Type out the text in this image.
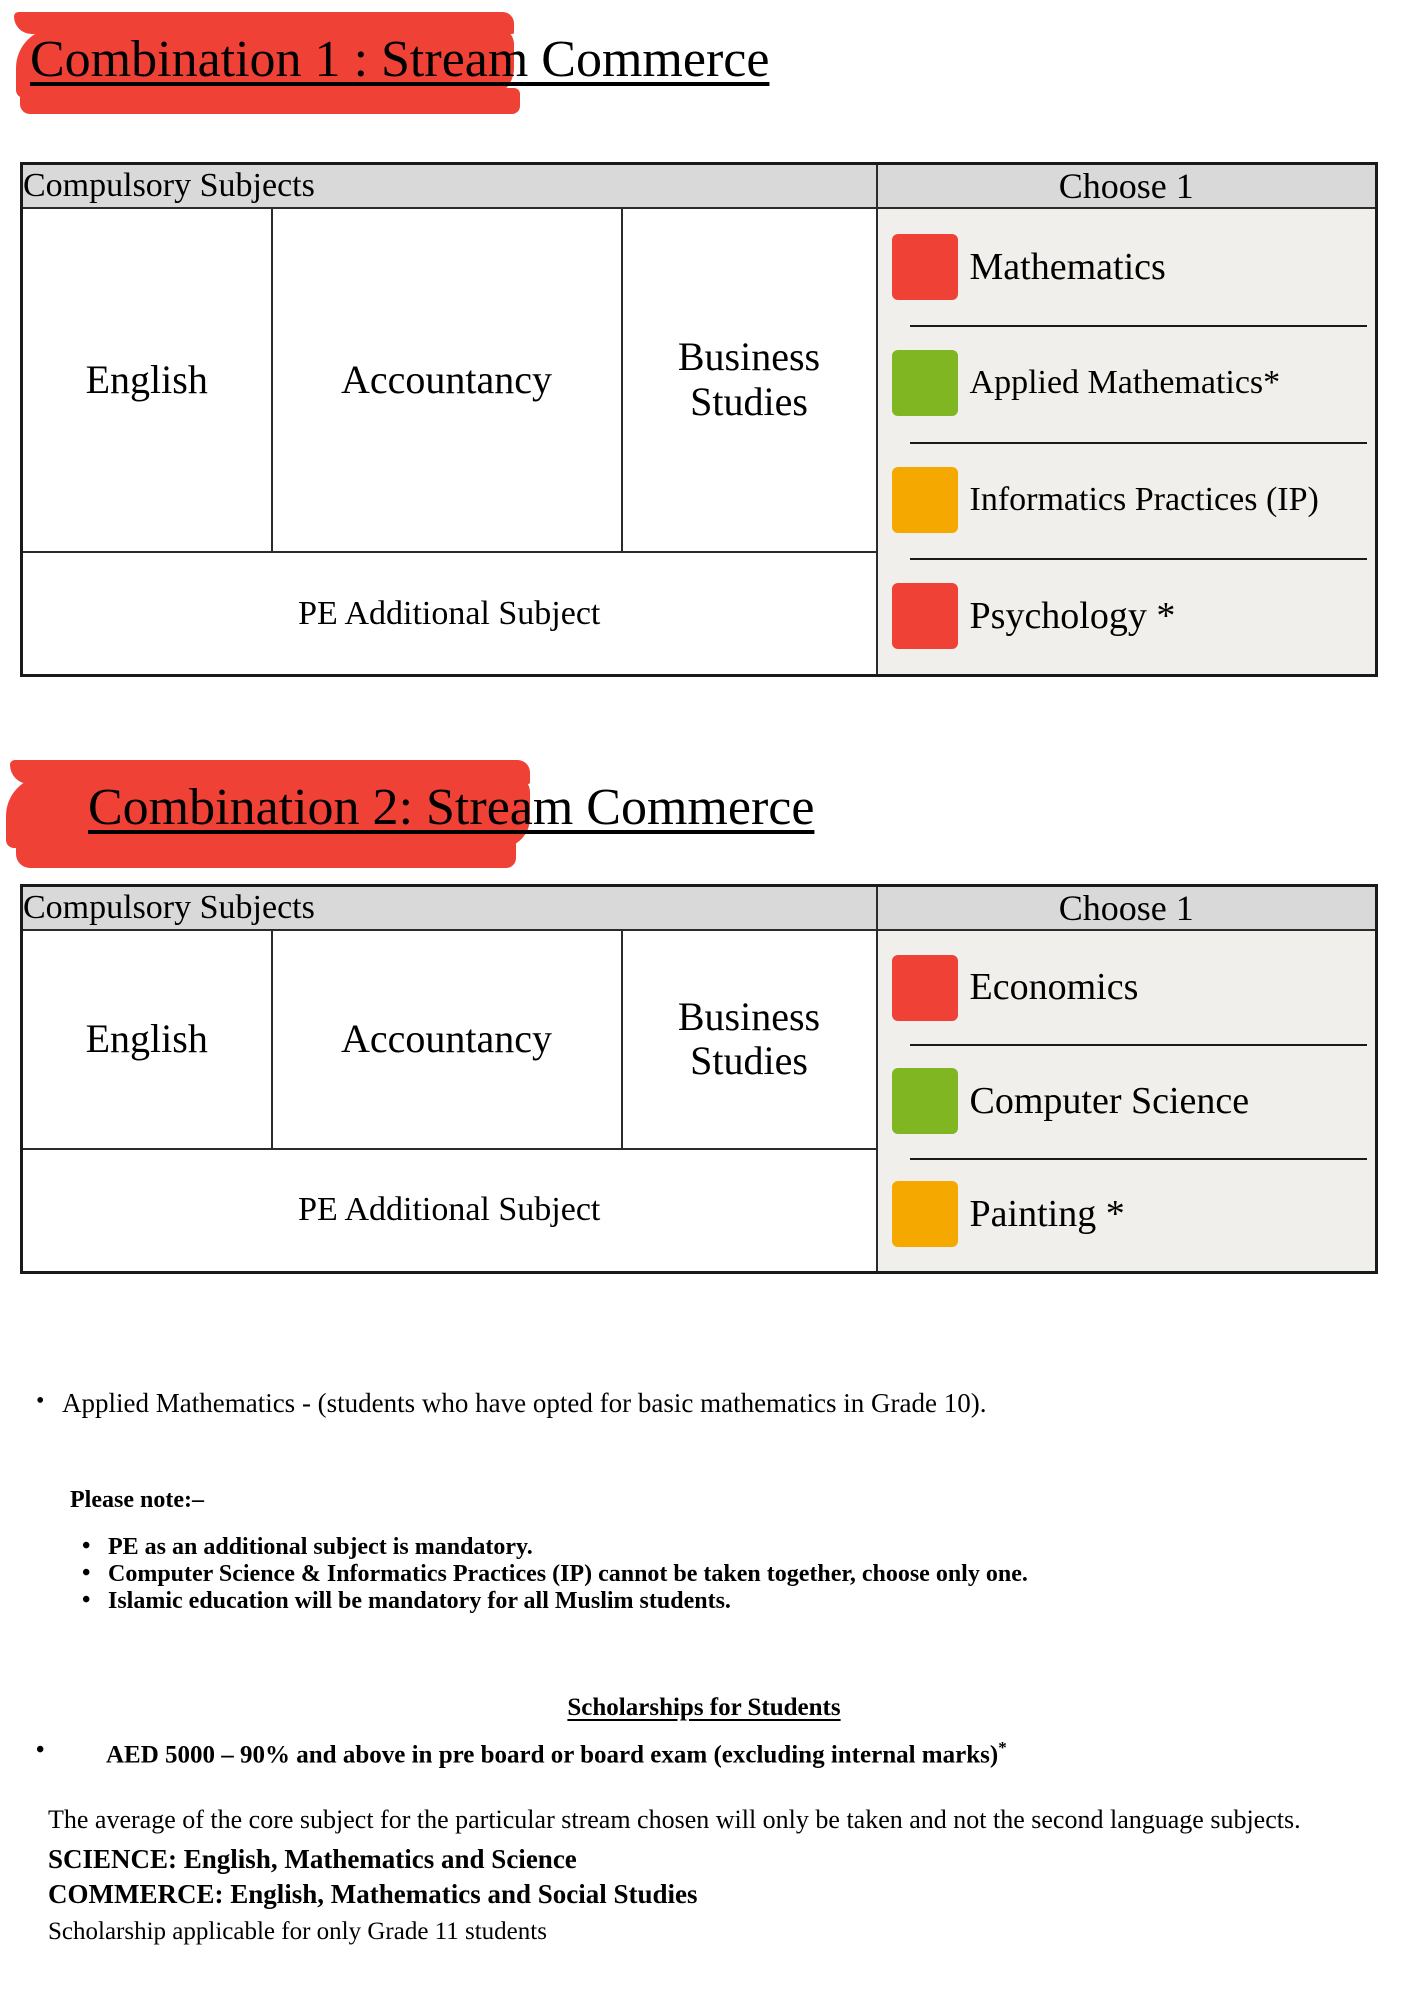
Combination 1 : Stream Commerce
Compulsory Subjects			Choose 1
English	Accountancy	Business Studies	Mathematics
Applied Mathematics*
Informatics Practices (IP)
Psychology *

PE Additional Subject			
Combination 2: Stream Commerce
Compulsory Subjects			Choose 1
English	Accountancy	Business Studies	Economics
Computer Science
Painting *

PE Additional Subject			
• Applied Mathematics - (students who have opted for basic mathematics in Grade 10).
Please note:–
• PE as an additional subject is mandatory.
• Computer Science & Informatics Practices (IP) cannot be taken together, choose only one.
• Islamic education will be mandatory for all Muslim students.
Scholarships for Students
• AED 5000 – 90% and above in pre board or board exam (excluding internal marks)*
The average of the core subject for the particular stream chosen will only be taken and not the second language subjects.
SCIENCE: English, Mathematics and Science
COMMERCE: English, Mathematics and Social Studies
Scholarship applicable for only Grade 11 students
